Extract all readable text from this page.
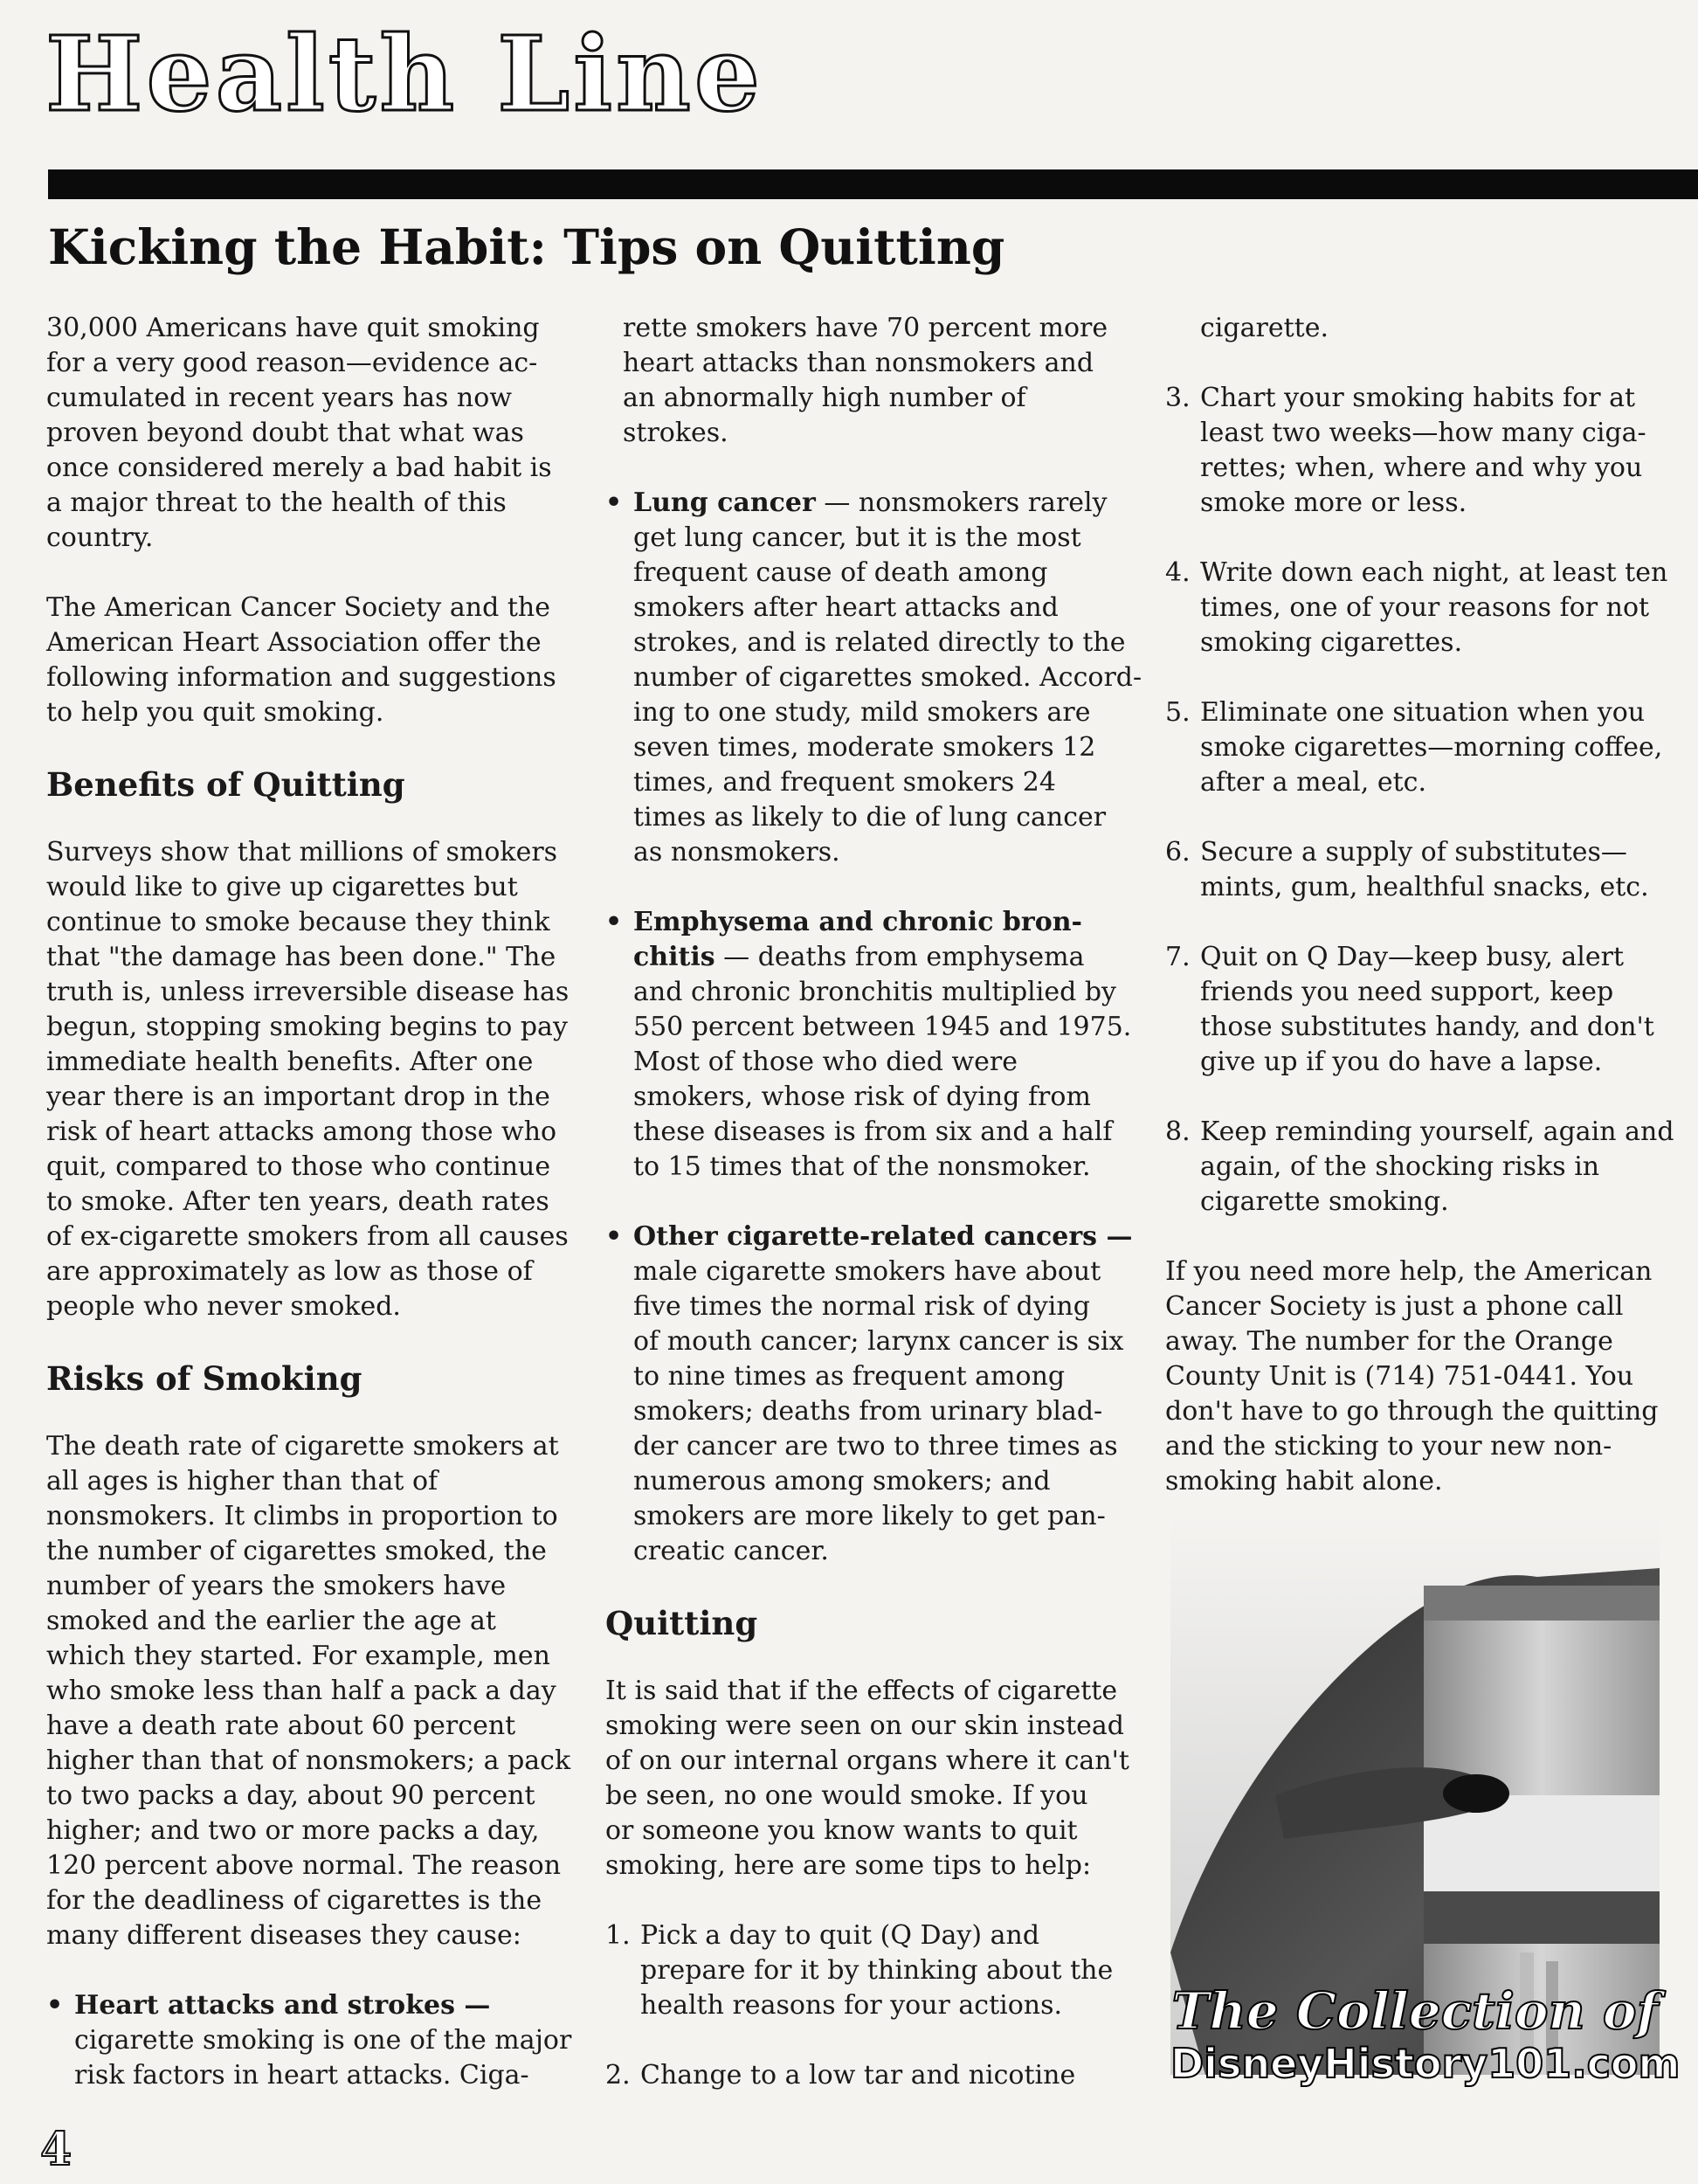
Health Line
Kicking the Habit: Tips on Quitting

30,000 Americans have quit smoking
for a very good reason—evidence ac-
cumulated in recent years has now
proven beyond doubt that what was
once considered merely a bad habit is
a major threat to the health of this
country.

The American Cancer Society and the
American Heart Association offer the
following information and suggestions
to help you quit smoking.

Benefits of Quitting

Surveys show that millions of smokers
would like to give up cigarettes but
continue to smoke because they think
that "the damage has been done." The
truth is, unless irreversible disease has
begun, stopping smoking begins to pay
immediate health benefits. After one
year there is an important drop in the
risk of heart attacks among those who
quit, compared to those who continue
to smoke. After ten years, death rates
of ex-cigarette smokers from all causes
are approximately as low as those of
people who never smoked.

Risks of Smoking

The death rate of cigarette smokers at
all ages is higher than that of
nonsmokers. It climbs in proportion to
the number of cigarettes smoked, the
number of years the smokers have
smoked and the earlier the age at
which they started. For example, men
who smoke less than half a pack a day
have a death rate about 60 percent
higher than that of nonsmokers; a pack
to two packs a day, about 90 percent
higher; and two or more packs a day,
120 percent above normal. The reason
for the deadliness of cigarettes is the
many different diseases they cause:

• Heart attacks and strokes —
cigarette smoking is one of the major
risk factors in heart attacks. Ciga-

rette smokers have 70 percent more
heart attacks than nonsmokers and
an abnormally high number of
strokes.

• Lung cancer — nonsmokers rarely
get lung cancer, but it is the most
frequent cause of death among
smokers after heart attacks and
strokes, and is related directly to the
number of cigarettes smoked. Accord-
ing to one study, mild smokers are
seven times, moderate smokers 12
times, and frequent smokers 24
times as likely to die of lung cancer
as nonsmokers.
• Emphysema and chronic bron-
chitis — deaths from emphysema
and chronic bronchitis multiplied by
550 percent between 1945 and 1975.
Most of those who died were
smokers, whose risk of dying from
these diseases is from six and a half
to 15 times that of the nonsmoker.
• Other cigarette-related cancers —
male cigarette smokers have about
five times the normal risk of dying
of mouth cancer; larynx cancer is six
to nine times as frequent among
smokers; deaths from urinary blad-
der cancer are two to three times as
numerous among smokers; and
smokers are more likely to get pan-
creatic cancer.
Quitting

It is said that if the effects of cigarette
smoking were seen on our skin instead
of on our internal organs where it can't
be seen, no one would smoke. If you
or someone you know wants to quit
smoking, here are some tips to help:

1. Pick a day to quit (Q Day) and
prepare for it by thinking about the
health reasons for your actions.
2. Change to a low tar and nicotine
cigarette.
3. Chart your smoking habits for at
least two weeks—how many ciga-
rettes; when, where and why you
smoke more or less.
4. Write down each night, at least ten
times, one of your reasons for not
smoking cigarettes.
5. Eliminate one situation when you
smoke cigarettes—morning coffee,
after a meal, etc.
6. Secure a supply of substitutes—
mints, gum, healthful snacks, etc.
7. Quit on Q Day—keep busy, alert
friends you need support, keep
those substitutes handy, and don't
give up if you do have a lapse.
8. Keep reminding yourself, again and
again, of the shocking risks in
cigarette smoking.

If you need more help, the American
Cancer Society is just a phone call
away. The number for the Orange
County Unit is (714) 751-0441. You
don't have to go through the quitting
and the sticking to your new non-
smoking habit alone.

The Collection of
DisneyHistory101.com
4
